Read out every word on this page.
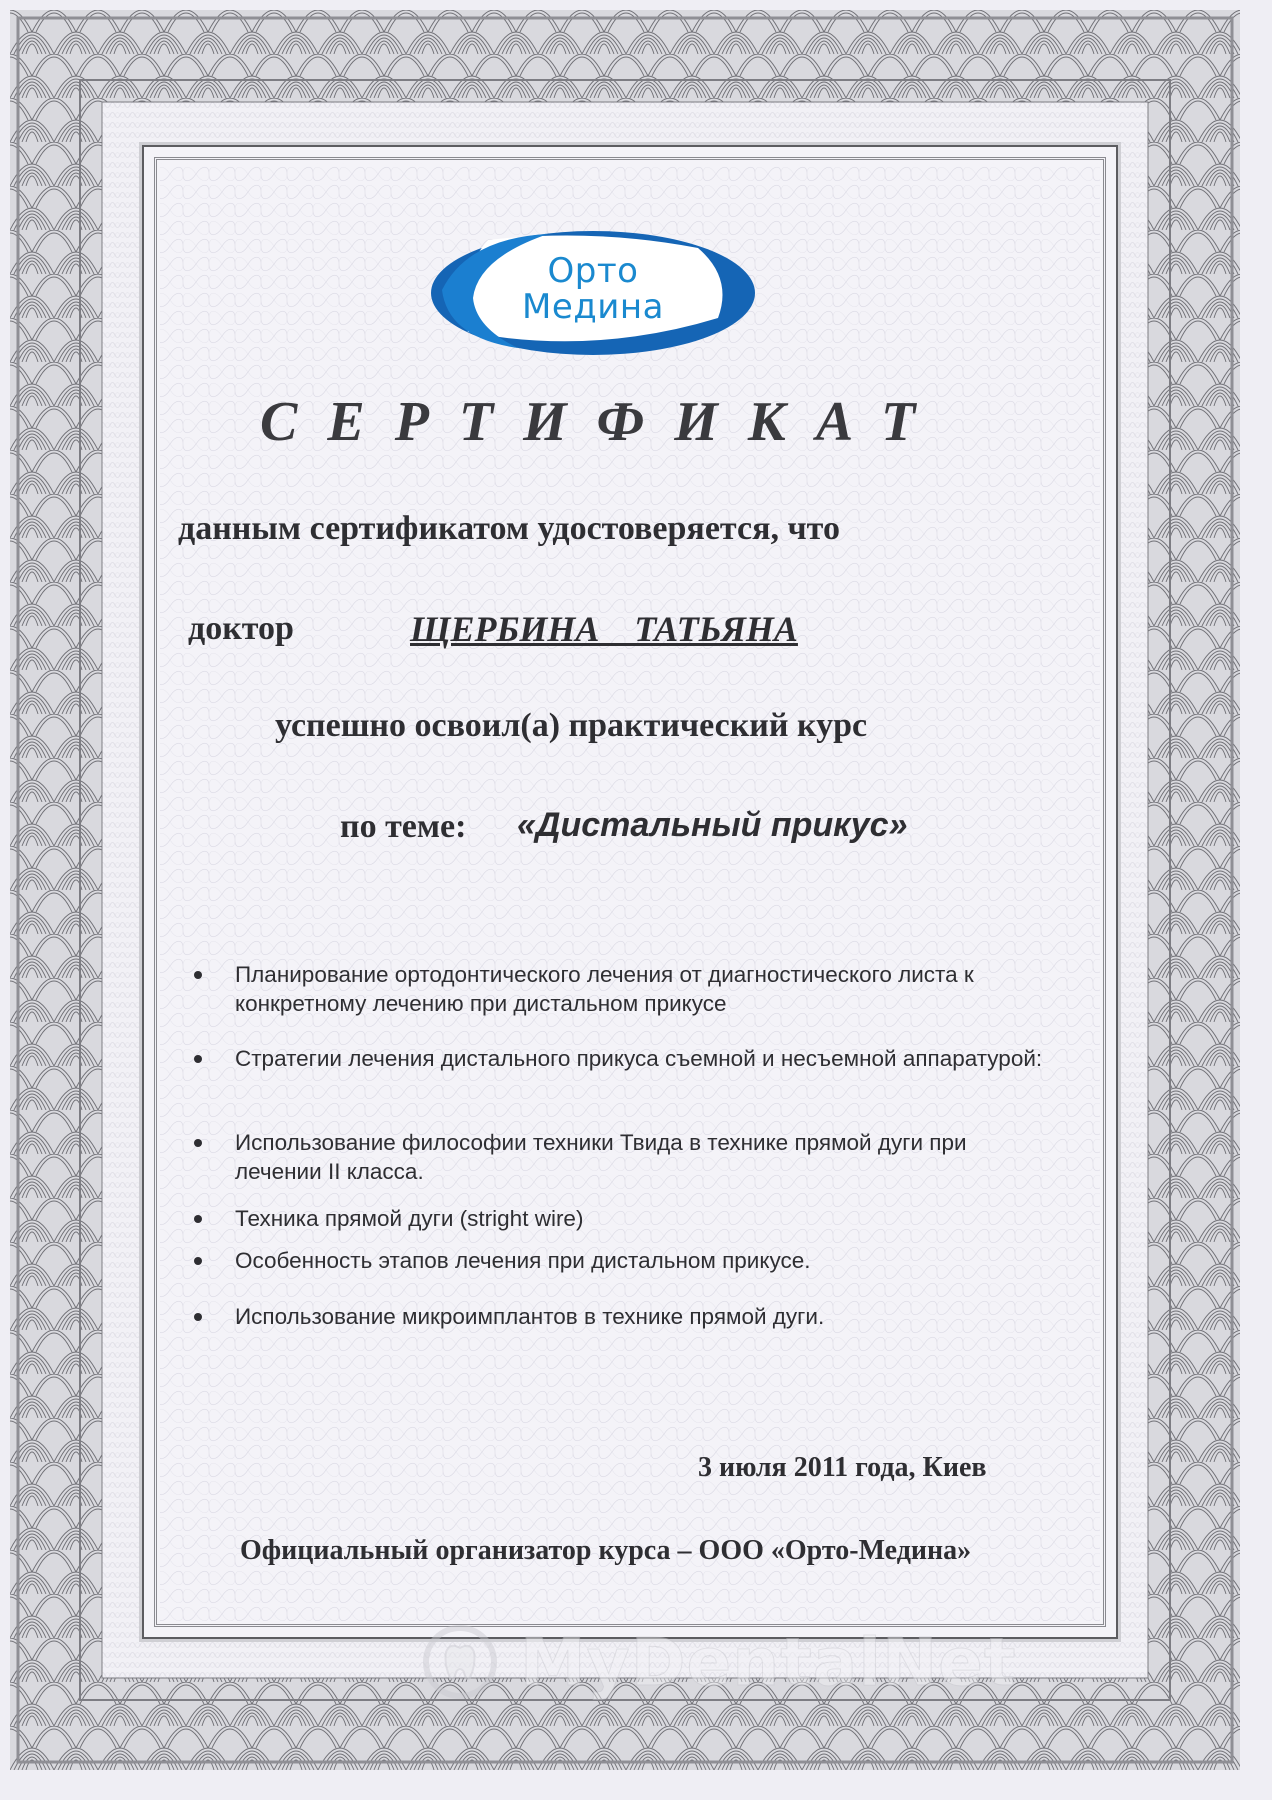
Орто
Медина
СЕРТИФИКАТ
данным сертификатом удостоверяется, что
доктор	ЩЕРБИНА ТАТЬЯНА
успешно освоил(а) практический курс
по теме: «Дистальный прикус»
Планирование ортодонтического лечения от диагностического листа к конкретному лечению при дистальном прикусе
Стратегии лечения дистального прикуса съемной и несъемной аппаратурой:
Использование философии техники Твида в технике прямой дуги при лечении II класса.
Техника прямой дуги (stright wire)
Особенность этапов лечения при дистальном прикусе.
Использование микроимплантов в технике прямой дуги.
3 июля 2011 года, Киев
Официальный организатор курса – ООО «Орто-Медина»
MyDentalNet
